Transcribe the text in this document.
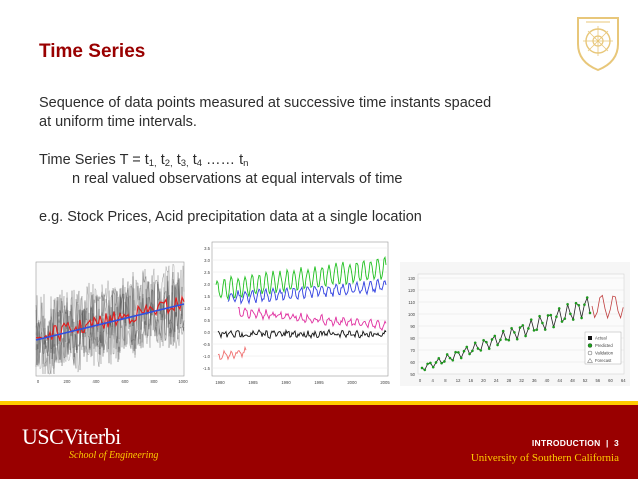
Time Series
Sequence of data points measured at successive time instants spaced
at uniform time intervals.
Time Series $T = t_{1,}$ $t_{2,}$ $t_{3,}$ $t_4$ …… $t_n$
n real valued observations at equal intervals of time
e.g. Stock Prices, Acid precipitation data at a single location
0	200	400	600	800	1000
3.5
3.0
2.5
2.0
1.5
1.0
0.5
0.0
-0.5
-1.0
-1.5
1980	1985	1990	1995	2000	2005
130
120
110
100
90
80
70
60
50
0 4 8 12 16 20 24 28 32 36 40 44 48 52 56 60 64
Actual
Predicted
Validation
Forecast
USCViterbi
School of Engineering
INTRODUCTION | 3
University of Southern California
